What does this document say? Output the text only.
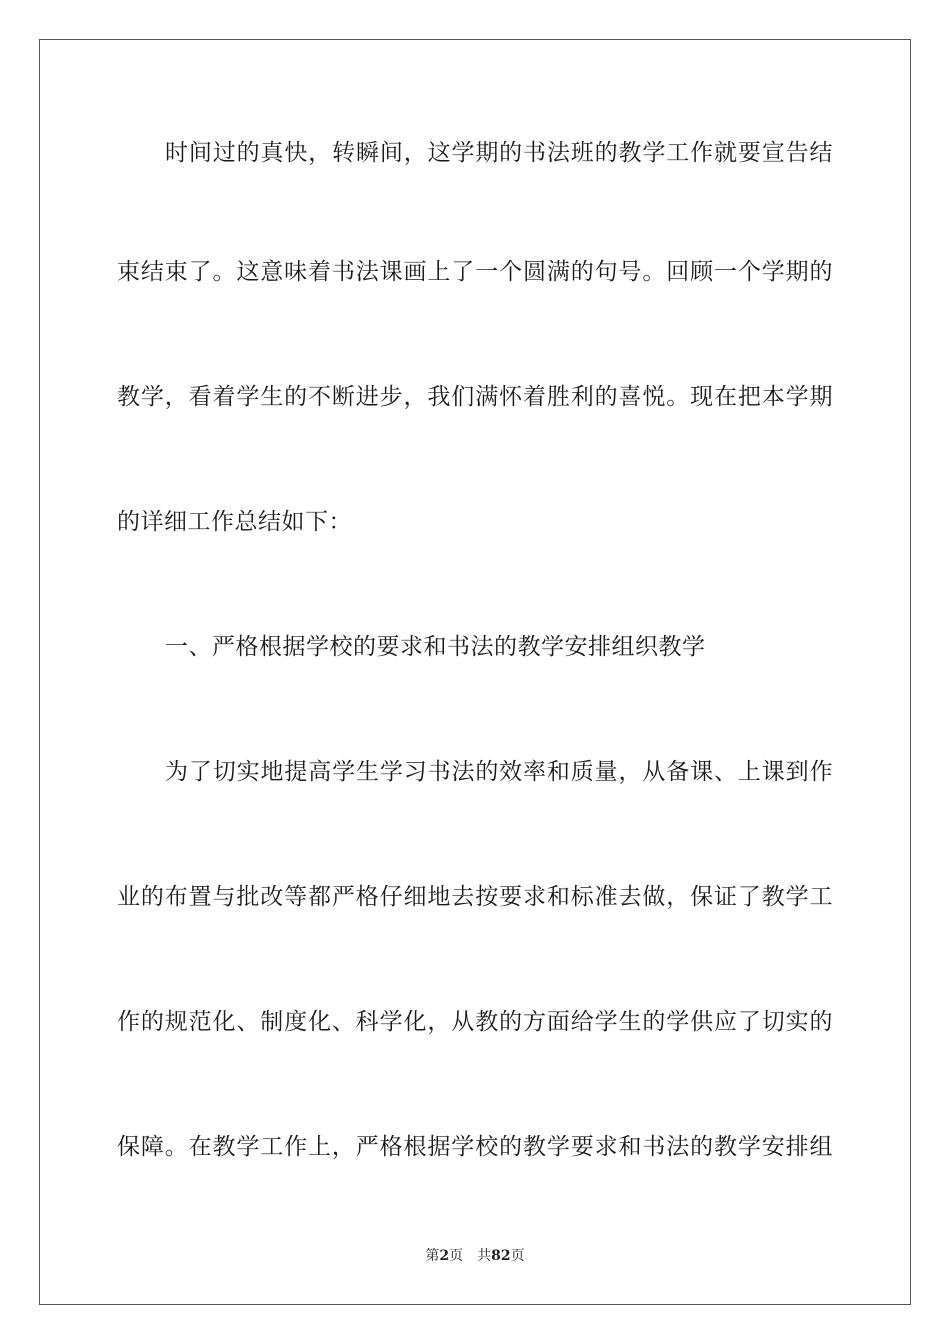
时间过的真快，转瞬间，这学期的书法班的教学工作就要宣告结
束结束了。这意味着书法课画上了一个圆满的句号。回顾一个学期的
教学，看着学生的不断进步，我们满怀着胜利的喜悦。现在把本学期
的详细工作总结如下：
一、严格根据学校的要求和书法的教学安排组织教学
为了切实地提高学生学习书法的效率和质量，从备课、上课到作
业的布置与批改等都严格仔细地去按要求和标准去做，保证了教学工
作的规范化、制度化、科学化，从教的方面给学生的学供应了切实的
保障。在教学工作上，严格根据学校的教学要求和书法的教学安排组
第2页 共82页
